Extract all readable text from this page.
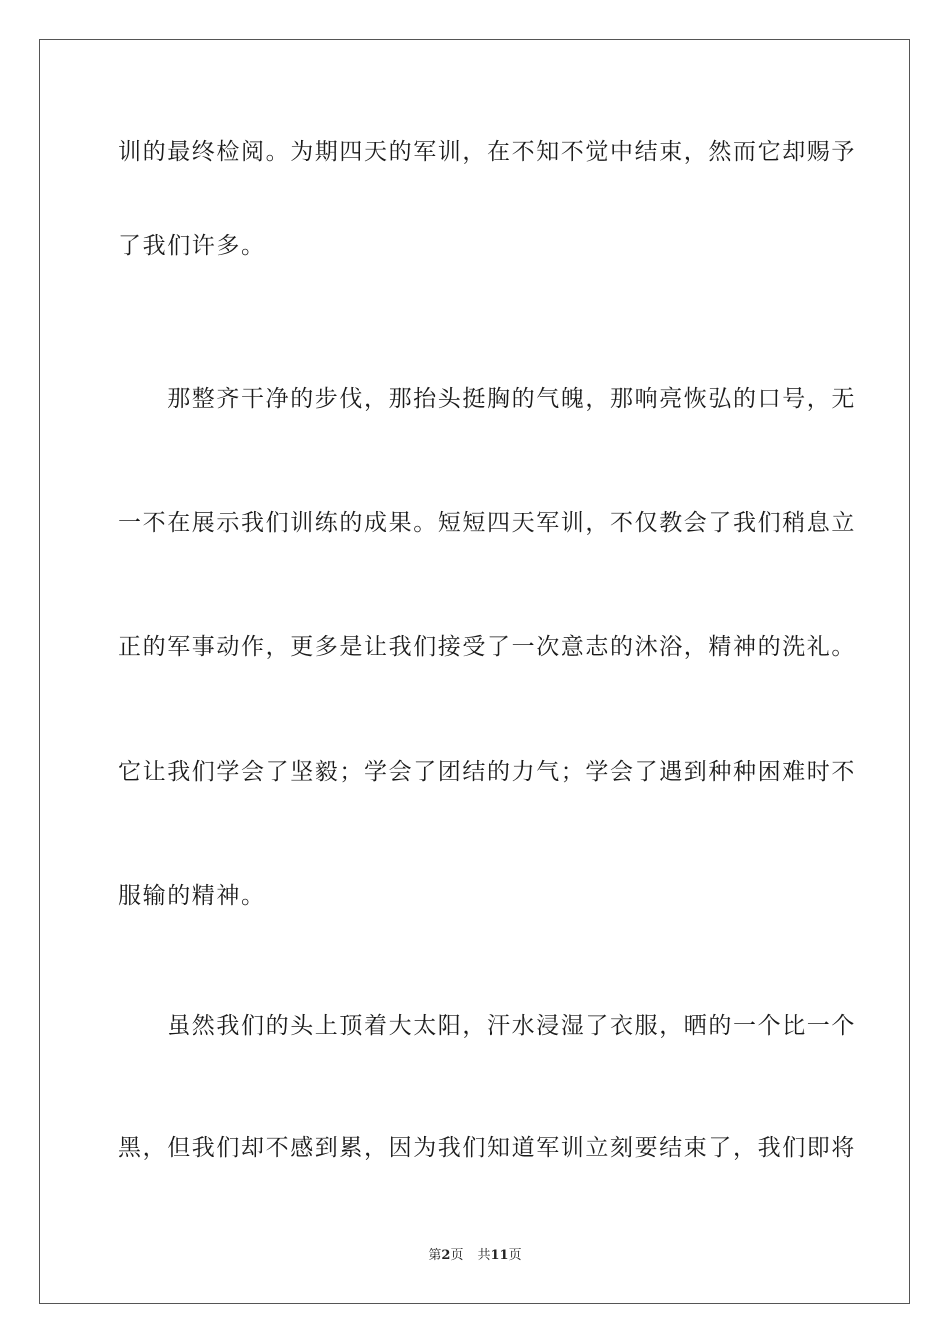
训的最终检阅。为期四天的军训，在不知不觉中结束，然而它却赐予
了我们许多。
　　那整齐干净的步伐，那抬头挺胸的气魄，那响亮恢弘的口号，无
一不在展示我们训练的成果。短短四天军训，不仅教会了我们稍息立
正的军事动作，更多是让我们接受了一次意志的沐浴，精神的洗礼。
它让我们学会了坚毅；学会了团结的力气；学会了遇到种种困难时不
服输的精神。
　　虽然我们的头上顶着大太阳，汗水浸湿了衣服，晒的一个比一个
黑，但我们却不感到累，因为我们知道军训立刻要结束了，我们即将
第2页 共11页
